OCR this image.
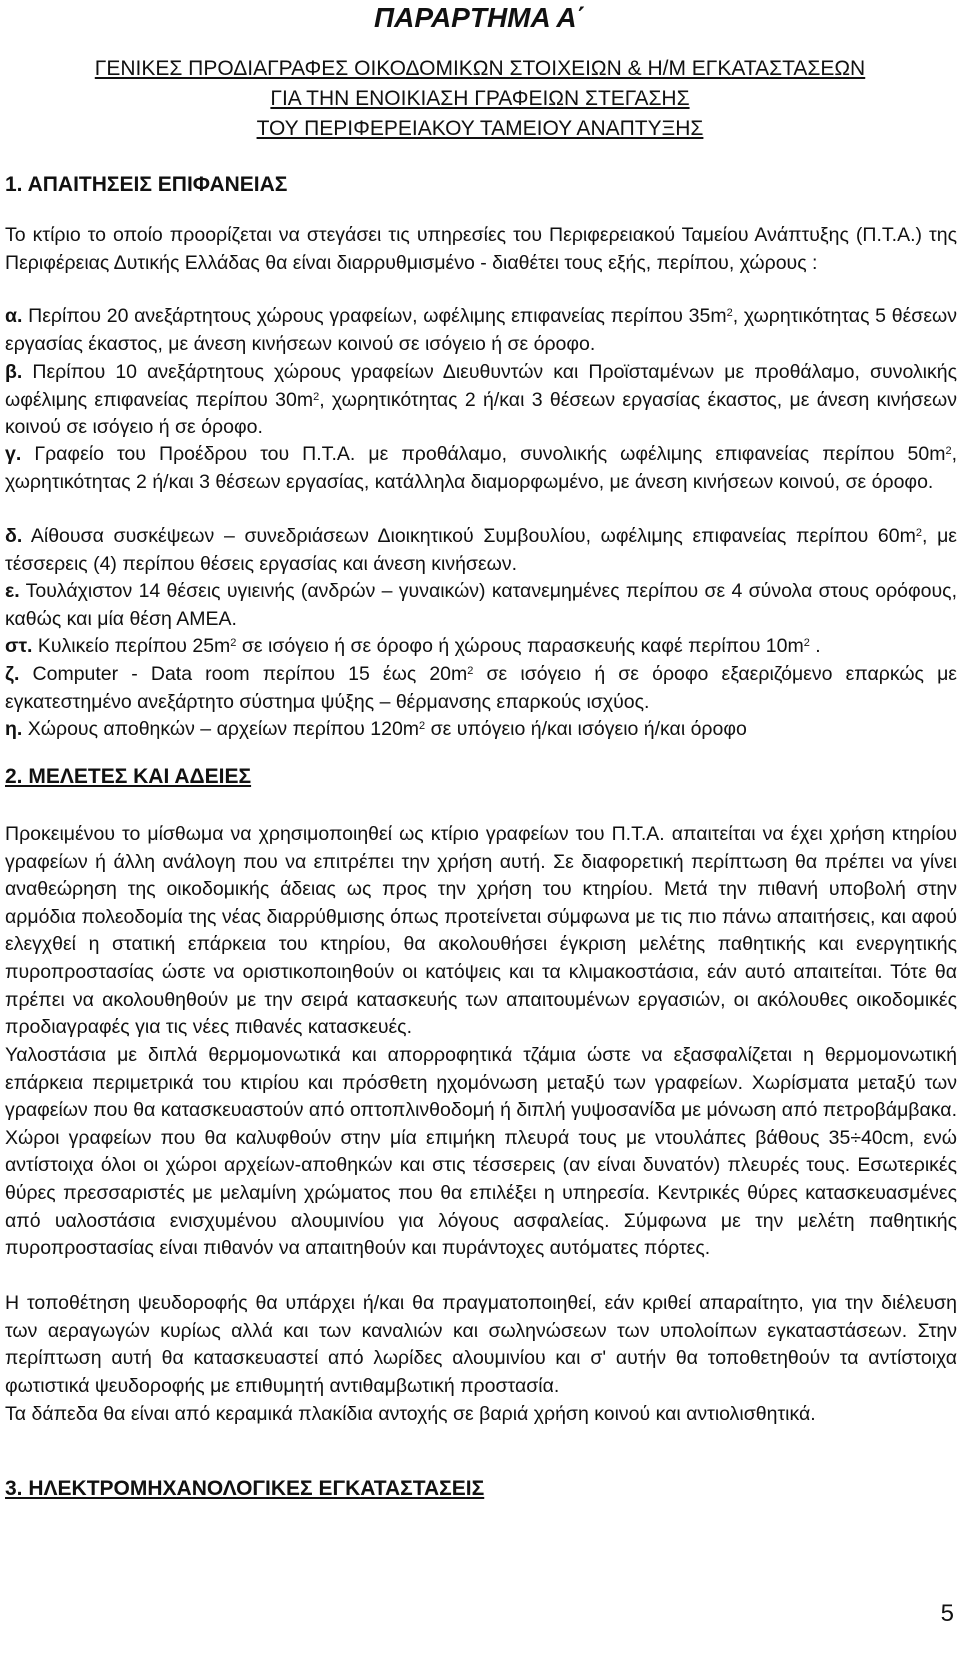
ΠΑΡΑΡΤΗΜΑ Α΄
ΓΕΝΙΚΕΣ ΠΡΟΔΙΑΓΡΑΦΕΣ ΟΙΚΟΔΟΜΙΚΩΝ ΣΤΟΙΧΕΙΩΝ & Η/Μ ΕΓΚΑΤΑΣΤΑΣΕΩΝ
ΓΙΑ ΤΗΝ ΕΝΟΙΚΙΑΣΗ ΓΡΑΦΕΙΩΝ ΣΤΕΓΑΣΗΣ
ΤΟΥ ΠΕΡΙΦΕΡΕΙΑΚΟΥ ΤΑΜΕΙΟΥ ΑΝΑΠΤΥΞΗΣ
1. ΑΠΑΙΤΗΣΕΙΣ ΕΠΙΦΑΝΕΙΑΣ
Το κτίριο το οποίο προορίζεται να στεγάσει τις υπηρεσίες του Περιφερειακού Ταμείου Ανάπτυξης (Π.Τ.Α.) της Περιφέρειας Δυτικής Ελλάδας θα είναι διαρρυθμισμένο - διαθέτει τους εξής, περίπου, χώρους :
α. Περίπου 20 ανεξάρτητους χώρους γραφείων, ωφέλιμης επιφανείας περίπου $35m^2$, χωρητικότητας 5 θέσεων εργασίας έκαστος, με άνεση κινήσεων κοινού σε ισόγειο ή σε όροφο.
β. Περίπου 10 ανεξάρτητους χώρους γραφείων Διευθυντών και Προϊσταμένων με προθάλαμο, συνολικής ωφέλιμης επιφανείας περίπου $30m^2$, χωρητικότητας 2 ή/και 3 θέσεων εργασίας έκαστος, με άνεση κινήσεων κοινού σε ισόγειο ή σε όροφο.
γ. Γραφείο του Προέδρου του Π.Τ.Α. με προθάλαμο, συνολικής ωφέλιμης επιφανείας περίπου $50m^2$, χωρητικότητας 2 ή/και 3 θέσεων εργασίας, κατάλληλα διαμορφωμένο, με άνεση κινήσεων κοινού, σε όροφο.
δ. Αίθουσα συσκέψεων – συνεδριάσεων Διοικητικού Συμβουλίου, ωφέλιμης επιφανείας περίπου $60m^2$, με τέσσερεις (4) περίπου θέσεις εργασίας και άνεση κινήσεων.
ε. Τουλάχιστον 14 θέσεις υγιεινής (ανδρών – γυναικών) κατανεμημένες περίπου σε 4 σύνολα στους ορόφους, καθώς και μία θέση ΑΜΕΑ.
στ. Κυλικείο περίπου $25m^2$ σε ισόγειο ή σε όροφο ή χώρους παρασκευής καφέ περίπου $10m^2$ .
ζ. Computer - Data room περίπου 15 έως $20m^2$ σε ισόγειο ή σε όροφο εξαεριζόμενο επαρκώς με εγκατεστημένο ανεξάρτητο σύστημα ψύξης – θέρμανσης επαρκούς ισχύος.
η. Χώρους αποθηκών – αρχείων περίπου $120m^2$ σε υπόγειο ή/και ισόγειο ή/και όροφο
2. ΜΕΛΕΤΕΣ ΚΑΙ ΑΔΕΙΕΣ
Προκειμένου το μίσθωμα να χρησιμοποιηθεί ως κτίριο γραφείων του Π.Τ.Α. απαιτείται να έχει χρήση κτηρίου γραφείων ή άλλη ανάλογη που να επιτρέπει την χρήση αυτή. Σε διαφορετική περίπτωση θα πρέπει να γίνει αναθεώρηση της οικοδομικής άδειας ως προς την χρήση του κτηρίου. Μετά την πιθανή υποβολή στην αρμόδια πολεοδομία της νέας διαρρύθμισης όπως προτείνεται σύμφωνα με τις πιο πάνω απαιτήσεις, και αφού ελεγχθεί η στατική επάρκεια του κτηρίου, θα ακολουθήσει έγκριση μελέτης παθητικής και ενεργητικής πυροπροστασίας ώστε να οριστικοποιηθούν οι κατόψεις και τα κλιμακοστάσια, εάν αυτό απαιτείται. Τότε θα πρέπει να ακολουθηθούν με την σειρά κατασκευής των απαιτουμένων εργασιών, οι ακόλουθες οικοδομικές προδιαγραφές για τις νέες πιθανές κατασκευές.
Υαλοστάσια με διπλά θερμομονωτικά και απορροφητικά τζάμια ώστε να εξασφαλίζεται η θερμομονωτική επάρκεια περιμετρικά του κτιρίου και πρόσθετη ηχομόνωση μεταξύ των γραφείων. Χωρίσματα μεταξύ των γραφείων που θα κατασκευαστούν από οπτοπλινθοδομή ή διπλή γυψοσανίδα με μόνωση από πετροβάμβακα. Χώροι γραφείων που θα καλυφθούν στην μία επιμήκη πλευρά τους με ντουλάπες βάθους 35÷40cm, ενώ αντίστοιχα όλοι οι χώροι αρχείων-αποθηκών και στις τέσσερεις (αν είναι δυνατόν) πλευρές τους. Εσωτερικές θύρες πρεσσαριστές με μελαμίνη χρώματος που θα επιλέξει η υπηρεσία. Κεντρικές θύρες κατασκευασμένες από υαλοστάσια ενισχυμένου αλουμινίου για λόγους ασφαλείας. Σύμφωνα με την μελέτη παθητικής πυροπροστασίας είναι πιθανόν να απαιτηθούν και πυράντοχες αυτόματες πόρτες.
Η τοποθέτηση ψευδοροφής θα υπάρχει ή/και θα πραγματοποιηθεί, εάν κριθεί απαραίτητο, για την διέλευση των αεραγωγών κυρίως αλλά και των καναλιών και σωληνώσεων των υπολοίπων εγκαταστάσεων. Στην περίπτωση αυτή θα κατασκευαστεί από λωρίδες αλουμινίου και σ' αυτήν θα τοποθετηθούν τα αντίστοιχα φωτιστικά ψευδοροφής με επιθυμητή αντιθαμβωτική προστασία.
Τα δάπεδα θα είναι από κεραμικά πλακίδια αντοχής σε βαριά χρήση κοινού και αντιολισθητικά.
3. ΗΛΕΚΤΡΟΜΗΧΑΝΟΛΟΓΙΚΕΣ ΕΓΚΑΤΑΣΤΑΣΕΙΣ
5
